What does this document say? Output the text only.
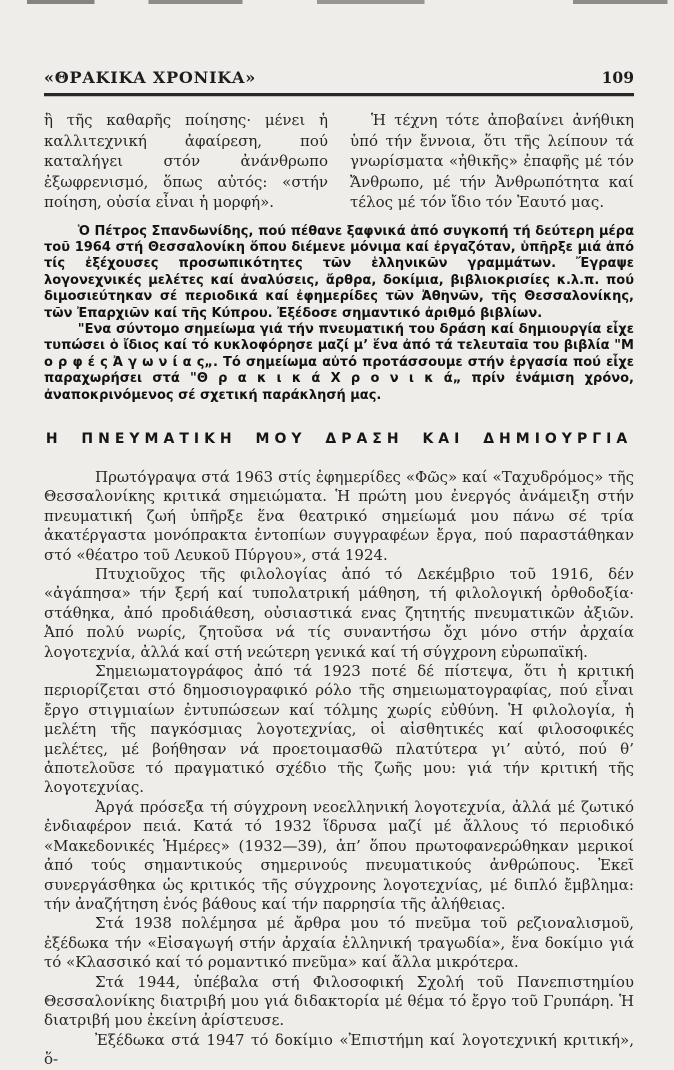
«ΘΡΑΚΙΚΑ ΧΡΟΝΙΚΑ»	109

ἢ τῆς καθαρῆς ποίησης· μένει ἡ καλλιτεχνική ἀφαίρεση, πού καταλήγει στόν ἀνάνθρωπο ἐξωφρενισμό, ὅπως αὐτός: «στήν ποίηση, οὐσία εἶναι ἡ μορφή».

Ἡ τέχνη τότε ἀποβαίνει ἀνήθικη ὑπό τήν ἔννοια, ὅτι τῆς λείπουν τά γνωρίσματα «ἠθικῆς» ἐπαφῆς μέ τόν Ἄνθρωπο, μέ τήν Ἀνθρωπότητα καί τέλος μέ τόν ἴδιο τόν Ἑαυτό μας.

Ὁ Πέτρος Σπανδωνίδης, πού πέθανε ξαφνικά ἀπό συγκοπή τή δεύτερη μέρα τοῦ 1964 στή Θεσσαλονίκη ὅπου διέμενε μόνιμα καί ἐργαζόταν, ὑπῆρξε μιά ἀπό τίς ἐξέχουσες προσωπικότητες τῶν ἑλληνικῶν γραμμάτων. Ἔγραψε λογονεχνικές μελέτες καί ἀναλύσεις, ἄρθρα, δοκίμια, βιβλιοκρισίες κ.λ.π. πού διμοσιεύτηκαν σέ περιοδικά καί ἐφημερίδες τῶν Ἀθηνῶν, τῆς Θεσσαλονίκης, τῶν Ἐπαρχιῶν καί τῆς Κύπρου. Ἐξέδοσε σημαντικό ἀριθμό βιβλίων.

"Ενα σύντομο σημείωμα γιά τήν πνευματική του δράση καί δημιουργία εἶχε τυπώσει ὁ ἴδιος καί τό κυκλοφόρησε μαζί μ’ ἕνα ἀπό τά τελευταῖα του βιβλία "Μ ο ρ φ έ ς Ἀ γ ω ν ί α ς„. Τό σημείωμα αὐτό προτάσσουμε στήν ἐργασία πού εἶχε παραχωρήσει στά "Θ ρ α κ ι κ ά Χ ρ ο ν ι κ ά„ πρίν ἐνάμιση χρόνο, ἀναποκρινόμενος σέ σχετική παράκλησή μας.

Η ΠΝΕΥΜΑΤΙΚΗ ΜΟΥ ΔΡΑΣΗ ΚΑΙ ΔΗΜΙΟΥΡΓΙΑ

Πρωτόγραψα στά 1963 στίς ἐφημερίδες «Φῶς» καί «Ταχυδρόμος» τῆς Θεσσαλονίκης κριτικά σημειώματα. Ἡ πρώτη μου ἐνεργός ἀνάμειξη στήν πνευματική ζωή ὑπῆρξε ἕνα θεατρικό σημείωμά μου πάνω σέ τρία ἀκατέργαστα μονόπρακτα ἐντοπίων συγγραφέων ἔργα, πού παραστάθηκαν στό «θέατρο τοῦ Λευκοῦ Πύργου», στά 1924.

Πτυχιοῦχος τῆς φιλολογίας ἀπό τό Δεκέμβριο τοῦ 1916, δέν «ἀγάπησα» τήν ξερή καί τυπολατρική μάθηση, τή φιλολογική ὀρθοδοξία· στάθηκα, ἀπό προδιάθεση, οὐσιαστικά ενας ζητητής πνευματικῶν ἀξιῶν. Ἀπό πολύ νωρίς, ζητοῦσα νά τίς συναντήσω ὄχι μόνο στήν ἀρχαία λογοτεχνία, ἀλλά καί στή νεώτερη γενικά καί τή σύγχρονη εὐρωπαϊκή.

Σημειωματογράφος ἀπό τά 1923 ποτέ δέ πίστεψα, ὅτι ἡ κριτική περιορίζεται στό δημοσιογραφικό ρόλο τῆς σημειωματογραφίας, πού εἶναι ἔργο στιγμιαίων ἐντυπώσεων καί τόλμης χωρίς εὐθύνη. Ἡ φιλολογία, ἡ μελέτη τῆς παγκόσμιας λογοτεχνίας, οἱ αἰσθητικές καί φιλοσοφικές μελέτες, μέ βοήθησαν νά προετοιμασθῶ πλατύτερα γι’ αὐτό, πού θ’ ἀποτελοῦσε τό πραγματικό σχέδιο τῆς ζωῆς μου: γιά τήν κριτική τῆς λογοτεχνίας.

Ἀργά πρόσεξα τή σύγχρονη νεοελληνική λογοτεχνία, ἀλλά μέ ζωτικό ἐνδιαφέρον πειά. Κατά τό 1932 ἵδρυσα μαζί μέ ἄλλους τό περιοδικό «Μακεδονικές Ἡμέρες» (1932—39), ἀπ’ ὅπου πρωτοφανερώθηκαν μερικοί ἀπό τούς σημαντικούς σημερινούς πνευματικούς ἀνθρώπους. Ἐκεῖ συνεργάσθηκα ὡς κριτικός τῆς σύγχρονης λογοτεχνίας, μέ διπλό ἔμβλημα: τήν ἀναζήτηση ἑνός βάθους καί τήν παρρησία τῆς ἀλήθειας.

Στά 1938 πολέμησα μέ ἄρθρα μου τό πνεῦμα τοῦ ρεζιοναλισμοῦ, ἐξέδωκα τήν «Εἰσαγωγή στήν ἀρχαία ἑλληνική τραγωδία», ἕνα δοκίμιο γιά τό «Κλασσικό καί τό ρομαντικό πνεῦμα» καί ἄλλα μικρότερα.

Στά 1944, ὑπέβαλα στή Φιλοσοφική Σχολή τοῦ Πανεπιστημίου Θεσσαλονίκης διατριβή μου γιά διδακτορία μέ θέμα τό ἔργο τοῦ Γρυπάρη. Ἡ διατριβή μου ἐκείνη ἀρίστευσε.

Ἐξέδωκα στά 1947 τό δοκίμιο «Ἐπιστήμη καί λογοτεχνική κριτική», ὅ-
